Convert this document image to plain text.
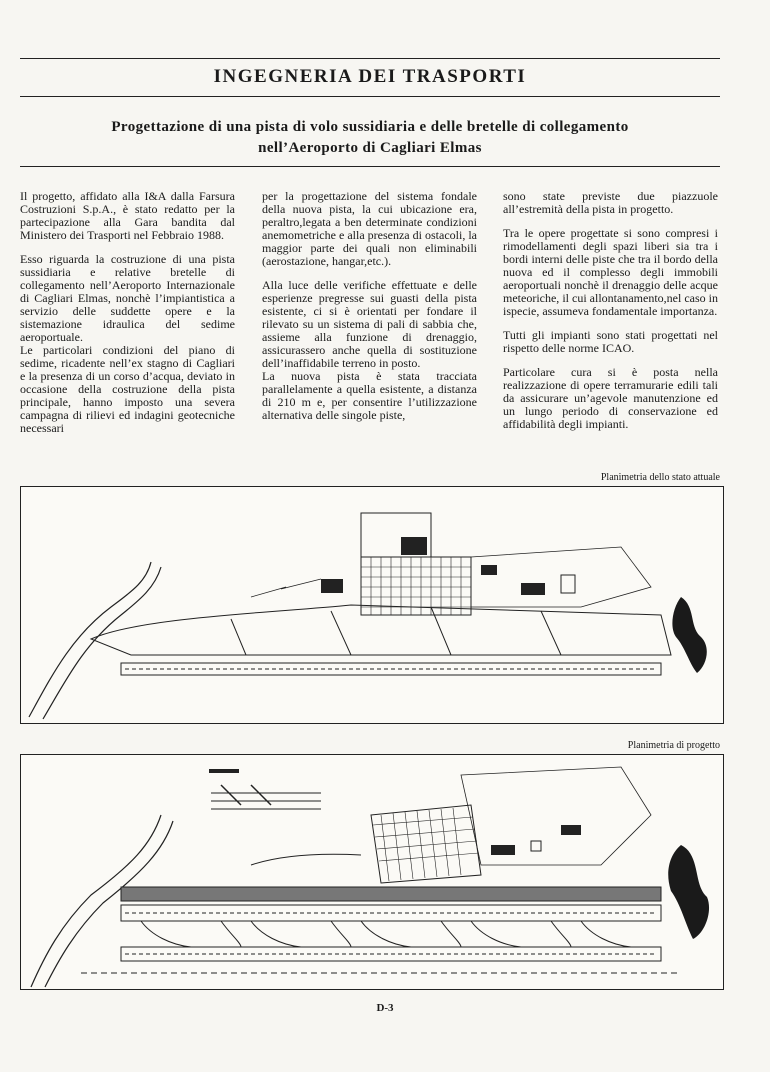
INGEGNERIA DEI TRASPORTI
Progettazione di una pista di volo sussidiaria e delle bretelle di collegamento
nell’Aeroporto di Cagliari Elmas

Il progetto, affidato alla I&A dalla Farsura Costruzioni S.p.A., è stato redatto per la partecipazione alla Gara bandita dal Ministero dei Trasporti nel Febbraio 1988.

Esso riguarda la costruzione di una pista sussidiaria e relative bretelle di collegamento nell’Aeroporto Internazionale di Cagliari Elmas, nonchè l’impiantistica a servizio delle suddette opere e la sistemazione idraulica del sedime aeroportuale.

Le particolari condizioni del piano di sedime, ricadente nell’ex stagno di Cagliari e la presenza di un corso d’acqua, deviato in occasione della costruzione della pista principale, hanno imposto una severa campagna di rilievi ed indagini geotecniche necessari

per la progettazione del sistema fondale della nuova pista, la cui ubicazione era, peraltro,legata a ben determinate condizioni anemometriche e alla presenza di ostacoli, la maggior parte dei quali non eliminabili (aerostazione, hangar,etc.).

Alla luce delle verifiche effettuate e delle esperienze pregresse sui guasti della pista esistente, ci si è orientati per fondare il rilevato su un sistema di pali di sabbia che, assieme alla funzione di drenaggio, assicurassero anche quella di sostituzione dell’inaffidabile terreno in posto.

La nuova pista è stata tracciata parallelamente a quella esistente, a distanza di 210 m e, per consentire l’utilizzazione alternativa delle singole piste,

sono state previste due piazzuole all’estremità della pista in progetto.

Tra le opere progettate si sono compresi i rimodellamenti degli spazi liberi sia tra i bordi interni delle piste che tra il bordo della nuova ed il complesso degli immobili aeroportuali nonchè il drenaggio delle acque meteoriche, il cui allontanamento,nel caso in ispecie, assumeva fondamentale importanza.

Tutti gli impianti sono stati progettati nel rispetto delle norme ICAO.

Particolare cura si è posta nella realizzazione di opere terramurarie edili tali da assicurare un’agevole manutenzione ed un lungo periodo di conservazione ed affidabilità degli impianti.

Planimetria dello stato attuale
Planimetria di progetto
D-3
